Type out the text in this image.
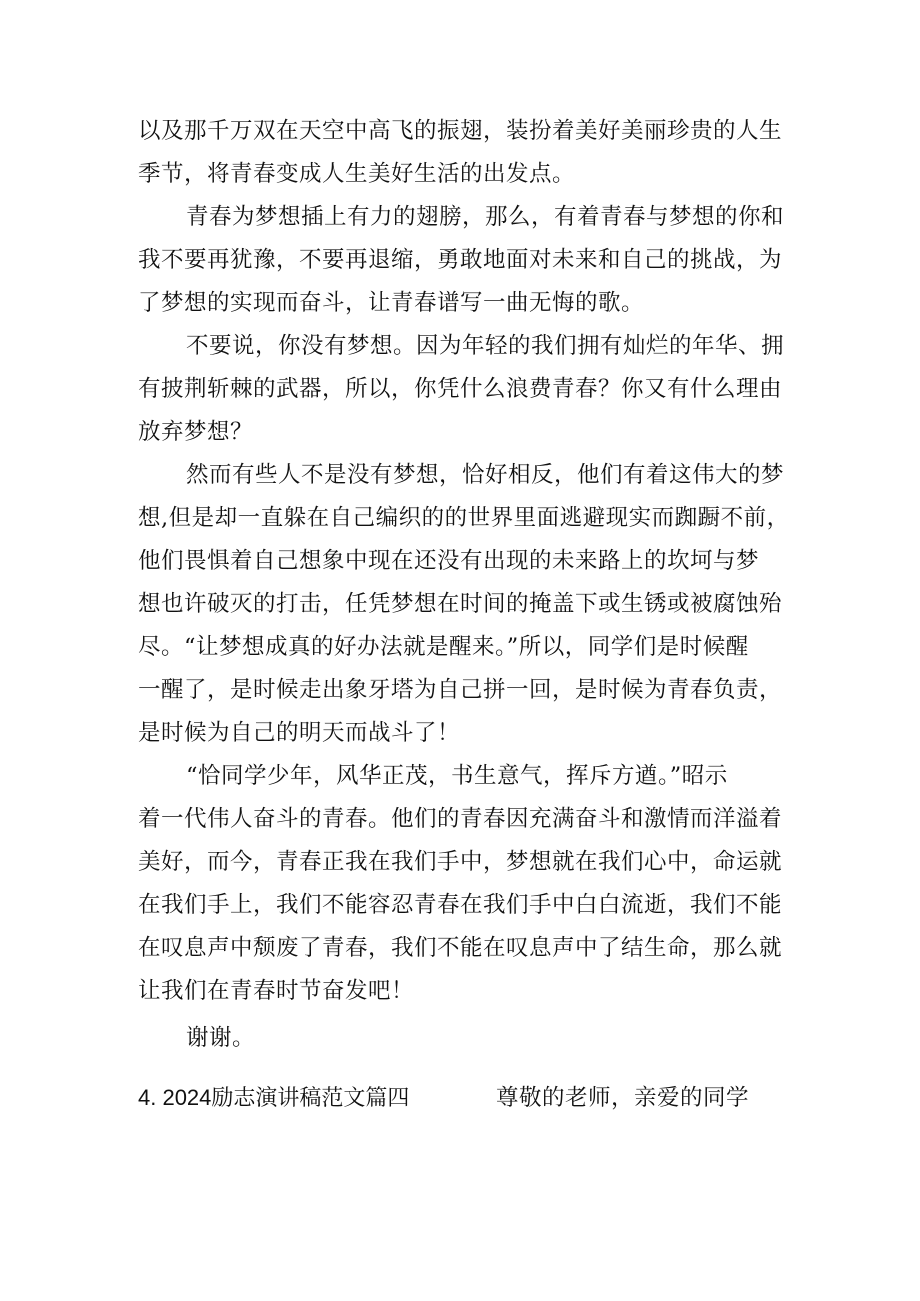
以及那千万双在天空中高飞的振翅，装扮着美好美丽珍贵的人生
季节，将青春变成人生美好生活的出发点。
青春为梦想插上有力的翅膀，那么，有着青春与梦想的你和
我不要再犹豫，不要再退缩，勇敢地面对未来和自己的挑战，为
了梦想的实现而奋斗，让青春谱写一曲无悔的歌。
不要说，你没有梦想。因为年轻的我们拥有灿烂的年华、拥
有披荆斩棘的武器，所以，你凭什么浪费青春？你又有什么理由
放弃梦想？
然而有些人不是没有梦想，恰好相反，他们有着这伟大的梦
想,但是却一直躲在自己编织的的世界里面逃避现实而踟蹰不前，
他们畏惧着自己想象中现在还没有出现的未来路上的坎坷与梦
想也许破灭的打击，任凭梦想在时间的掩盖下或生锈或被腐蚀殆
尽。“让梦想成真的好办法就是醒来。”所以，同学们是时候醒
一醒了，是时候走出象牙塔为自己拼一回，是时候为青春负责，
是时候为自己的明天而战斗了！
“恰同学少年，风华正茂，书生意气，挥斥方遒。”昭示
着一代伟人奋斗的青春。他们的青春因充满奋斗和激情而洋溢着
美好，而今，青春正我在我们手中，梦想就在我们心中，命运就
在我们手上，我们不能容忍青春在我们手中白白流逝，我们不能
在叹息声中颓废了青春，我们不能在叹息声中了结生命，那么就
让我们在青春时节奋发吧！
谢谢。
4. 2024励志演讲稿范文篇四	尊敬的老师，亲爱的同学
